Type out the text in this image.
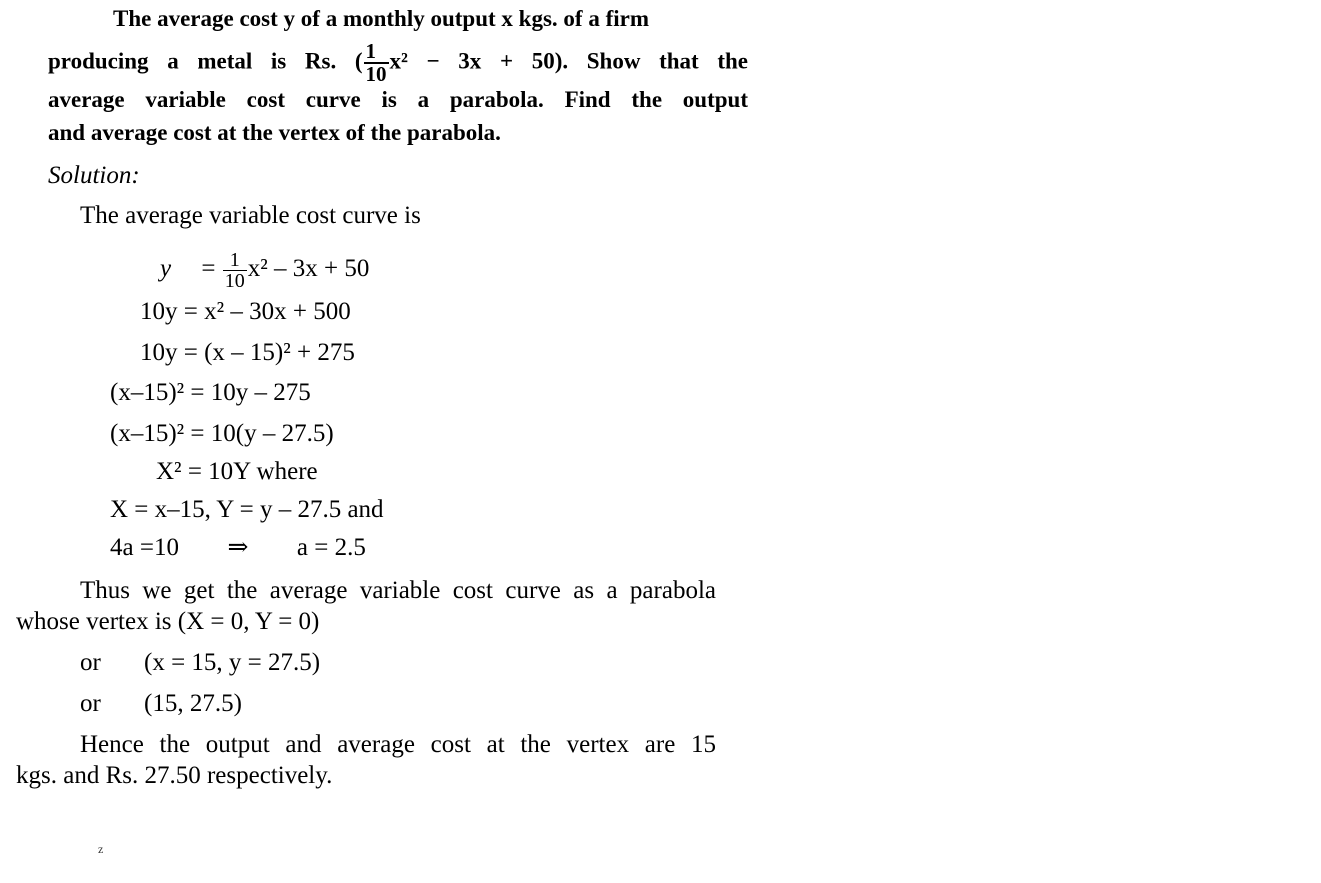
The average cost y of a monthly output x kgs. of a firm
producing a metal is Rs. ( $\frac{1}{10} x^2 - 3x + 50$). Show that the
average variable cost curve is a parabola. Find the output
and average cost at the vertex of the parabola.
Solution:
The average variable cost curve is
$y = \frac{1}{10} x^2 - 3x + 50$
10y = x² – 30x + 500
10y = (x – 15)² + 275
(x–15)² = 10y – 275
(x–15)² = 10(y – 27.5)
X² = 10Y where
X = x–15, Y = y – 27.5 and
4a =10 ⇒ a = 2.5
Thus we get the average variable cost curve as a parabola
whose vertex is (X = 0, Y = 0)
or (x = 15, y = 27.5)
or (15, 27.5)
Hence the output and average cost at the vertex are 15
kgs. and Rs. 27.50 respectively.
z
